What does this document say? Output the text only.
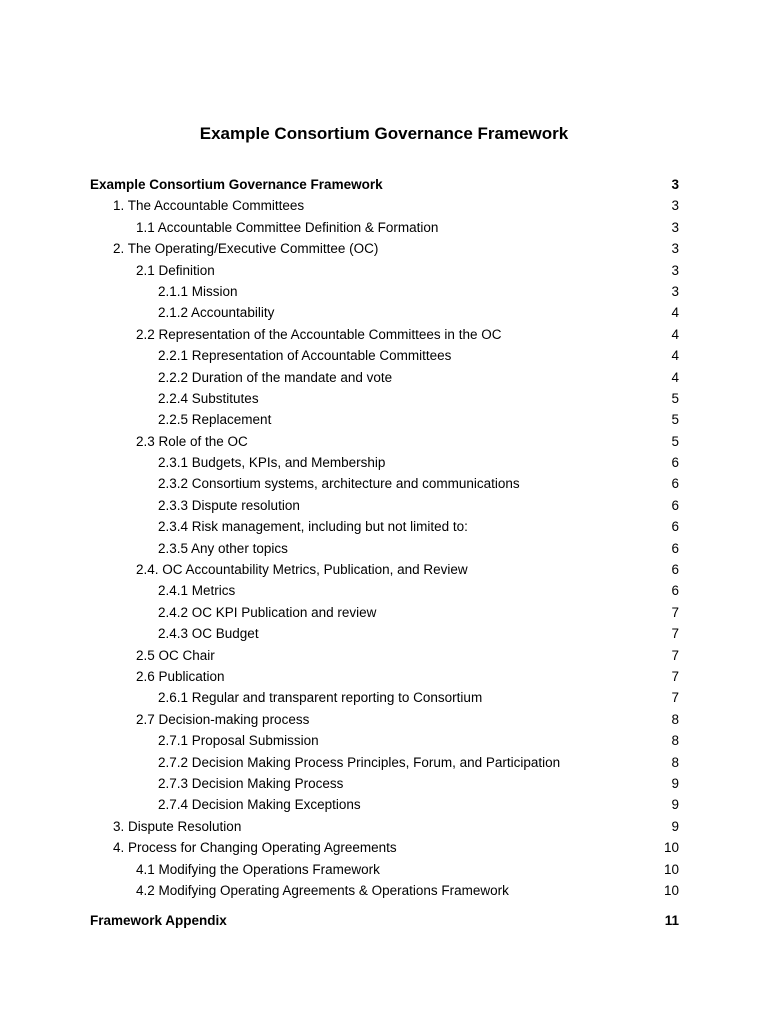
Example Consortium Governance Framework
Example Consortium Governance Framework	3
1. The Accountable Committees	3
1.1 Accountable Committee Definition & Formation	3
2. The Operating/Executive Committee (OC)	3
2.1 Definition	3
2.1.1 Mission	3
2.1.2 Accountability	4
2.2 Representation of the Accountable Committees in the OC	4
2.2.1 Representation of Accountable Committees	4
2.2.2 Duration of the mandate and vote	4
2.2.4 Substitutes	5
2.2.5 Replacement	5
2.3 Role of the OC	5
2.3.1 Budgets, KPIs, and Membership	6
2.3.2 Consortium systems, architecture and communications	6
2.3.3 Dispute resolution	6
2.3.4 Risk management, including but not limited to:	6
2.3.5 Any other topics	6
2.4. OC Accountability Metrics, Publication, and Review	6
2.4.1 Metrics	6
2.4.2 OC KPI Publication and review	7
2.4.3 OC Budget	7
2.5 OC Chair	7
2.6 Publication	7
2.6.1 Regular and transparent reporting to Consortium	7
2.7 Decision-making process	8
2.7.1 Proposal Submission	8
2.7.2 Decision Making Process Principles, Forum, and Participation	8
2.7.3 Decision Making Process	9
2.7.4 Decision Making Exceptions	9
3. Dispute Resolution	9
4. Process for Changing Operating Agreements	10
4.1 Modifying the Operations Framework	10
4.2 Modifying Operating Agreements & Operations Framework	10
Framework Appendix	11
